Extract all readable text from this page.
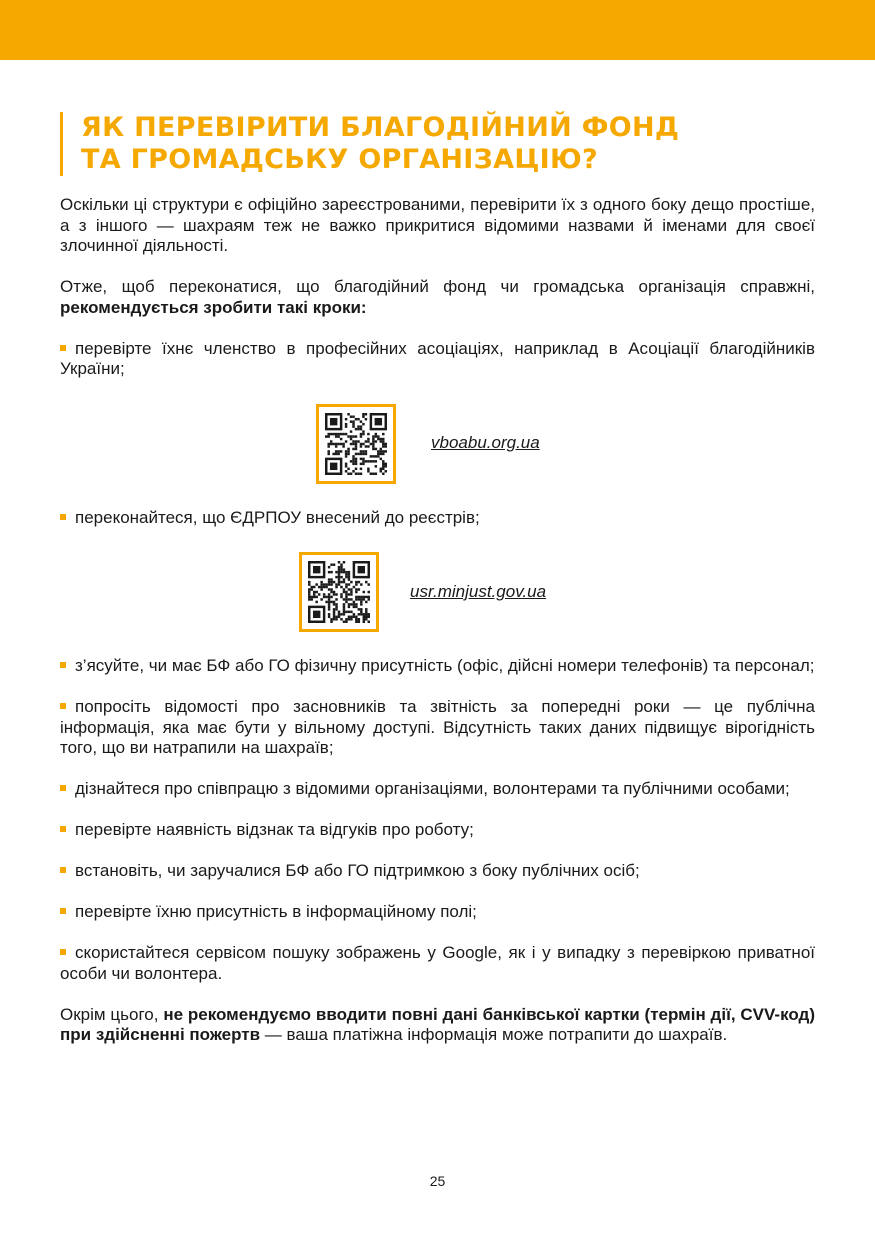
ЯК ПЕРЕВІРИТИ БЛАГОДІЙНИЙ ФОНД
ТА ГРОМАДСЬКУ ОРГАНІЗАЦІЮ?

Оскільки ці структури є офіційно зареєстрованими, перевірити їх з одного боку дещо простіше, а з іншого — шахраям теж не важко прикритися відомими назвами й іменами для своєї злочинної діяльності.

Отже, щоб переконатися, що благодійний фонд чи громадська організація справжні, рекомендується зробити такі кроки:

перевірте їхнє членство в професійних асоціаціях, наприклад в Асоціації благодійників України;

vboabu.org.ua

переконайтеся, що ЄДРПОУ внесений до реєстрів;

usr.minjust.gov.ua

з’ясуйте, чи має БФ або ГО фізичну присутність (офіс, дійсні номери телефонів) та персонал;

попросіть відомості про засновників та звітність за попередні роки — це публічна інформація, яка має бути у вільному доступі. Відсутність таких даних підвищує вірогідність того, що ви натрапили на шахраїв;

дізнайтеся про співпрацю з відомими організаціями, волонтерами та публічними особами;

перевірте наявність відзнак та відгуків про роботу;

встановіть, чи заручалися БФ або ГО підтримкою з боку публічних осіб;

перевірте їхню присутність в інформаційному полі;

скористайтеся сервісом пошуку зображень у Google, як і у випадку з перевіркою приватної особи чи волонтера.

Окрім цього, не рекомендуємо вводити повні дані банківської картки (термін дії, CVV-код) при здійсненні пожертв — ваша платіжна інформація може потрапити до шахраїв.

25
